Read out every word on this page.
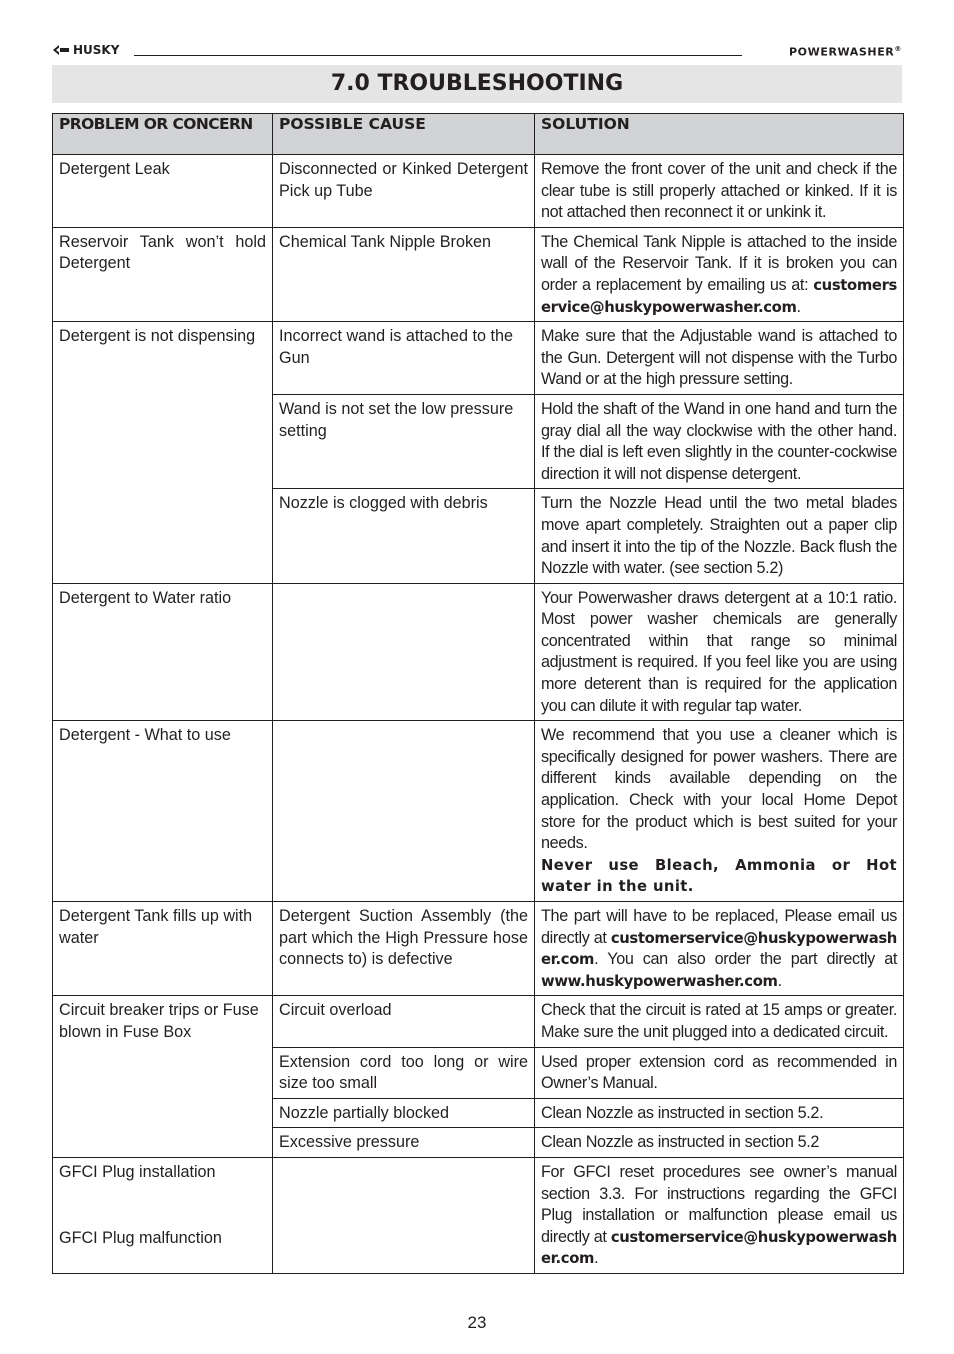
HUSKY	POWERWASHER®
7.0 TROUBLESHOOTING
PROBLEM OR CONCERN	POSSIBLE CAUSE	SOLUTION
Detergent Leak	Disconnected or Kinked Detergent Pick up Tube	Remove the front cover of the unit and check if the clear tube is still properly attached or kinked. If it is not attached then reconnect it or unkink it.
Reservoir Tank won’t hold Detergent	Chemical Tank Nipple Broken	The Chemical Tank Nipple is attached to the inside wall of the Reservoir Tank. If it is broken you can order a replacement by emailing us at: customerservice@huskypowerwasher.com.
Detergent is not dispensing	Incorrect wand is attached to the Gun	Make sure that the Adjustable wand is attached to the Gun. Detergent will not dispense with the Turbo Wand or at the high pressure setting.
	Wand is not set the low pressure setting	Hold the shaft of the Wand in one hand and turn the gray dial all the way clockwise with the other hand. If the dial is left even slightly in the counter-cockwise direction it will not dispense detergent.
	Nozzle is clogged with debris	Turn the Nozzle Head until the two metal blades move apart completely. Straighten out a paper clip and insert it into the tip of the Nozzle. Back flush the Nozzle with water. (see section 5.2)
Detergent to Water ratio		Your Powerwasher draws detergent at a 10:1 ratio. Most power washer chemicals are generally concentrated within that range so minimal adjustment is required. If you feel like you are using more deterent than is required for the application you can dilute it with regular tap water.
Detergent - What to use		We recommend that you use a cleaner which is specifically designed for power washers. There are different kinds available depending on the application. Check with your local Home Depot store for the product which is best suited for your needs.
Never use Bleach, Ammonia or Hot water in the unit.

Detergent Tank fills up with water	Detergent Suction Assembly (the part which the High Pressure hose connects to) is defective	The part will have to be replaced, Please email us directly at customerservice@huskypowerwasher.com. You can also order the part directly at www.huskypowerwasher.com.
Circuit breaker trips or Fuse blown in Fuse Box	Circuit overload	Check that the circuit is rated at 15 amps or greater. Make sure the unit plugged into a dedicated circuit.
	Extension cord too long or wire size too small	Used proper extension cord as recommended in Owner’s Manual.
	Nozzle partially blocked	Clean Nozzle as instructed in section 5.2.
	Excessive pressure	Clean Nozzle as instructed in section 5.2

GFCI Plug installation
GFCI Plug malfunction		For GFCI reset procedures see owner’s manual section 3.3. For instructions regarding the GFCI Plug installation or malfunction please email us directly at customerservice@huskypowerwasher.com.
23
